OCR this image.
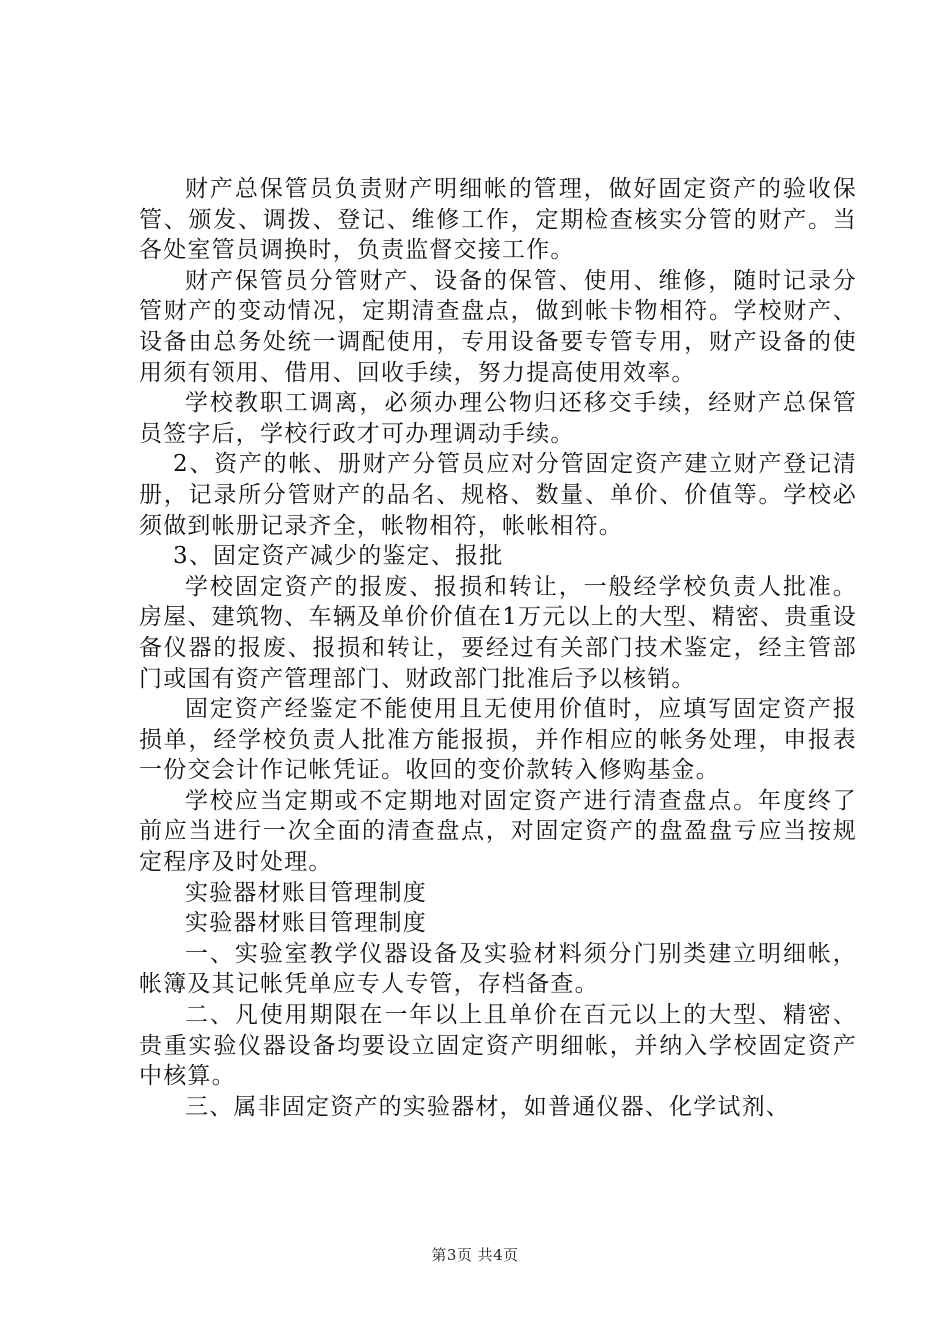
财产总保管员负责财产明细帐的管理，做好固定资产的验收保管、颁发、调拨、登记、维修工作，定期检查核实分管的财产。当各处室管员调换时，负责监督交接工作。

财产保管员分管财产、设备的保管、使用、维修，随时记录分管财产的变动情况，定期清查盘点，做到帐卡物相符。学校财产、设备由总务处统一调配使用，专用设备要专管专用，财产设备的使用须有领用、借用、回收手续，努力提高使用效率。

学校教职工调离，必须办理公物归还移交手续，经财产总保管员签字后，学校行政才可办理调动手续。

2、资产的帐、册财产分管员应对分管固定资产建立财产登记清册，记录所分管财产的品名、规格、数量、单价、价值等。学校必须做到帐册记录齐全，帐物相符，帐帐相符。

3、固定资产减少的鉴定、报批

学校固定资产的报废、报损和转让，一般经学校负责人批准。房屋、建筑物、车辆及单价价值在1万元以上的大型、精密、贵重设备仪器的报废、报损和转让，要经过有关部门技术鉴定，经主管部门或国有资产管理部门、财政部门批准后予以核销。

固定资产经鉴定不能使用且无使用价值时，应填写固定资产报损单，经学校负责人批准方能报损，并作相应的帐务处理，申报表一份交会计作记帐凭证。收回的变价款转入修购基金。

学校应当定期或不定期地对固定资产进行清查盘点。年度终了前应当进行一次全面的清查盘点，对固定资产的盘盈盘亏应当按规定程序及时处理。

实验器材账目管理制度

实验器材账目管理制度

一、实验室教学仪器设备及实验材料须分门别类建立明细帐，帐簿及其记帐凭单应专人专管，存档备查。

二、凡使用期限在一年以上且单价在百元以上的大型、精密、贵重实验仪器设备均要设立固定资产明细帐，并纳入学校固定资产中核算。

三、属非固定资产的实验器材，如普通仪器、化学试剂、

第3页 共4页
